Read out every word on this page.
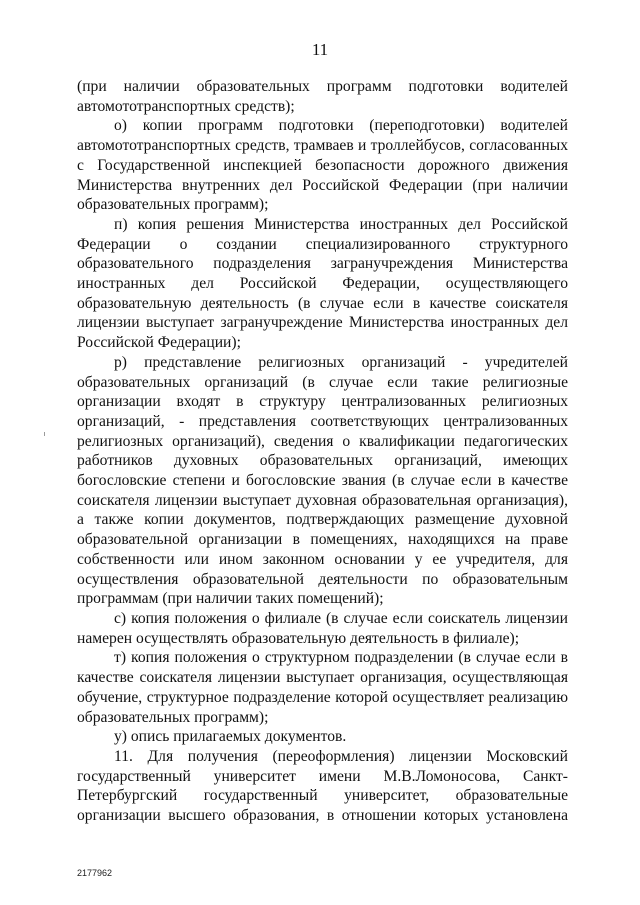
11

(при наличии образовательных программ подготовки водителей автомототранспортных средств);

о) копии программ подготовки (переподготовки) водителей автомототранспортных средств, трамваев и троллейбусов, согласованных с Государственной инспекцией безопасности дорожного движения Министерства внутренних дел Российской Федерации (при наличии образовательных программ);

п) копия решения Министерства иностранных дел Российской Федерации о создании специализированного структурного образовательного подразделения загранучреждения Министерства иностранных дел Российской Федерации, осуществляющего образовательную деятельность (в случае если в качестве соискателя лицензии выступает загранучреждение Министерства иностранных дел Российской Федерации);

р) представление религиозных организаций - учредителей образовательных организаций (в случае если такие религиозные организации входят в структуру централизованных религиозных организаций, - представления соответствующих централизованных религиозных организаций), сведения о квалификации педагогических работников духовных образовательных организаций, имеющих богословские степени и богословские звания (в случае если в качестве соискателя лицензии выступает духовная образовательная организация), а также копии документов, подтверждающих размещение духовной образовательной организации в помещениях, находящихся на праве собственности или ином законном основании у ее учредителя, для осуществления образовательной деятельности по образовательным программам (при наличии таких помещений);

с) копия положения о филиале (в случае если соискатель лицензии намерен осуществлять образовательную деятельность в филиале);

т) копия положения о структурном подразделении (в случае если в качестве соискателя лицензии выступает организация, осуществляющая обучение, структурное подразделение которой осуществляет реализацию образовательных программ);

у) опись прилагаемых документов.

11. Для получения (переоформления) лицензии Московский государственный университет имени М.В.Ломоносова, Санкт-Петербургский государственный университет, образовательные организации высшего образования, в отношении которых установлена

2177962
